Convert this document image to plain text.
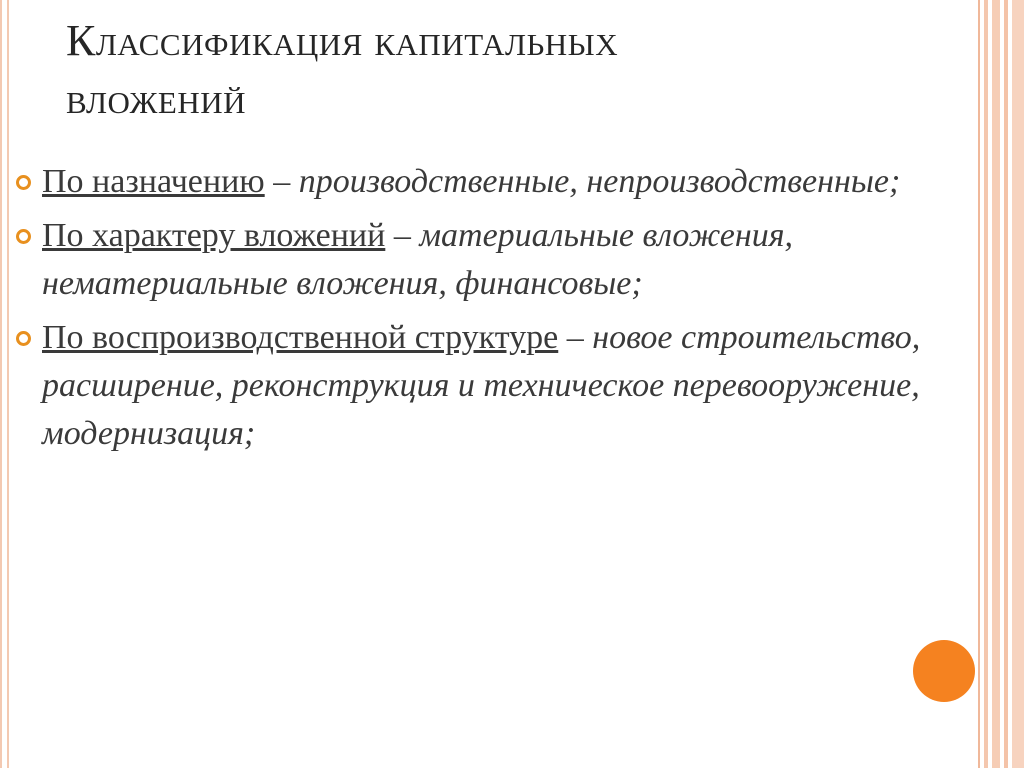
Классификация капитальных
вложений
По назначению – производственные, непроизводственные;
По характеру вложений – материальные вложения, нематериальные вложения, финансовые;
По воспроизводственной структуре – новое строительство, расширение, реконструкция и техническое перевооружение, модернизация;
